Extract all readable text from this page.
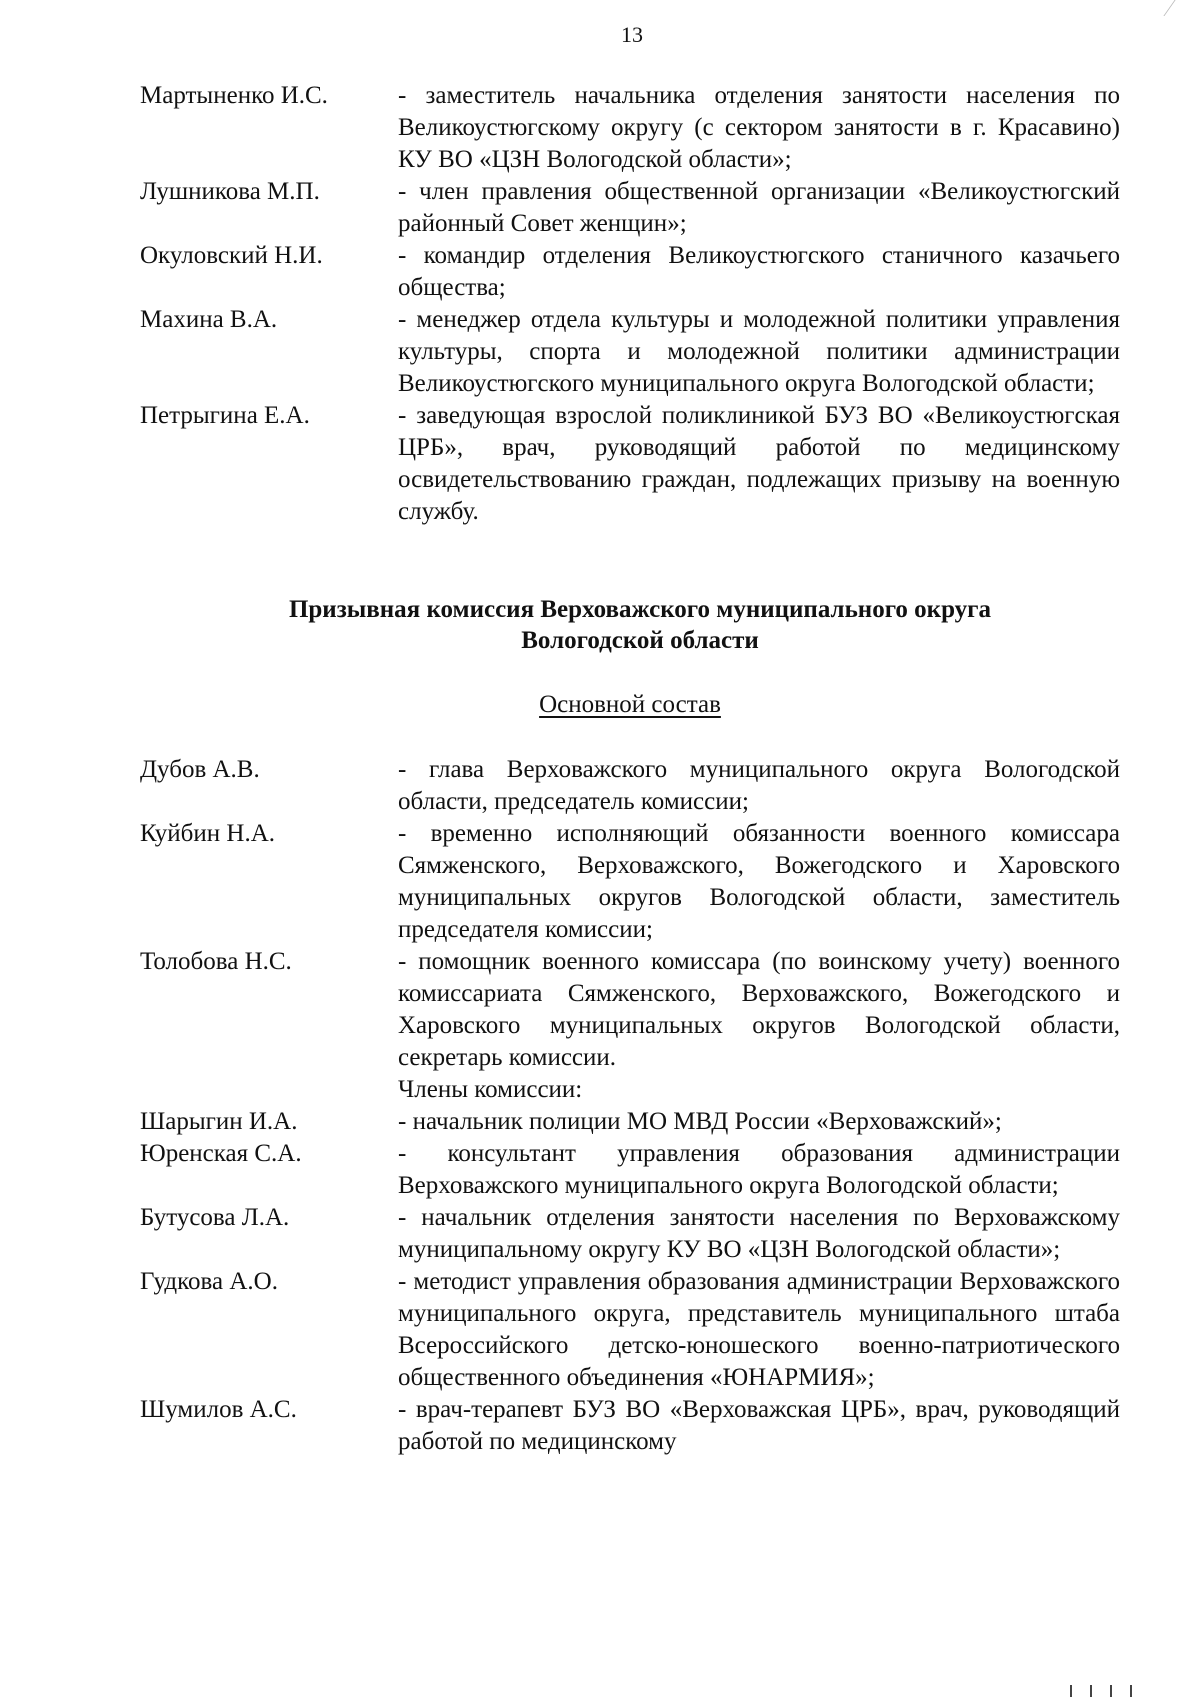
13
Мартыненко И.С.	- заместитель начальника отделения занятости населения по Великоустюгскому округу (с сектором занятости в г. Красавино) КУ ВО «ЦЗН Вологодской области»;
Лушникова М.П.	- член правления общественной организации «Великоустюгский районный Совет женщин»;
Окуловский Н.И.	- командир отделения Великоустюгского станичного казачьего общества;
Махина В.А.	- менеджер отдела культуры и молодежной политики управления культуры, спорта и молодежной политики администрации Великоустюгского муниципального округа Вологодской области;
Петрыгина Е.А.	- заведующая взрослой поликлиникой БУЗ ВО «Великоустюгская ЦРБ», врач, руководящий работой по медицинскому освидетельствованию граждан, подлежащих призыву на военную службу.
Призывная комиссия Верховажского муниципального округа
Вологодской области
Основной состав
Дубов А.В.	- глава Верховажского муниципального округа Вологодской области, председатель комиссии;
Куйбин Н.А.	- временно исполняющий обязанности военного комиссара Сямженского, Верховажского, Вожегодского и Харовского муниципальных округов Вологодской области, заместитель председателя комиссии;
Толобова Н.С.	- помощник военного комиссара (по воинскому учету) военного комиссариата Сямженского, Верховажского, Вожегодского и Харовского муниципальных округов Вологодской области, секретарь комиссии.
Члены комиссии:
Шарыгин И.А.	- начальник полиции МО МВД России «Верховажский»;
Юренская С.А.	- консультант управления образования администрации Верховажского муниципального округа Вологодской области;
Бутусова Л.А.	- начальник отделения занятости населения по Верховажскому муниципальному округу КУ ВО «ЦЗН Вологодской области»;
Гудкова А.О.	- методист управления образования администрации Верховажского муниципального округа, представитель муниципального штаба Всероссийского детско-юношеского военно-патриотического общественного объединения «ЮНАРМИЯ»;
Шумилов А.С.	- врач-терапевт БУЗ ВО «Верховажская ЦРБ», врач, руководящий работой по медицинскому
